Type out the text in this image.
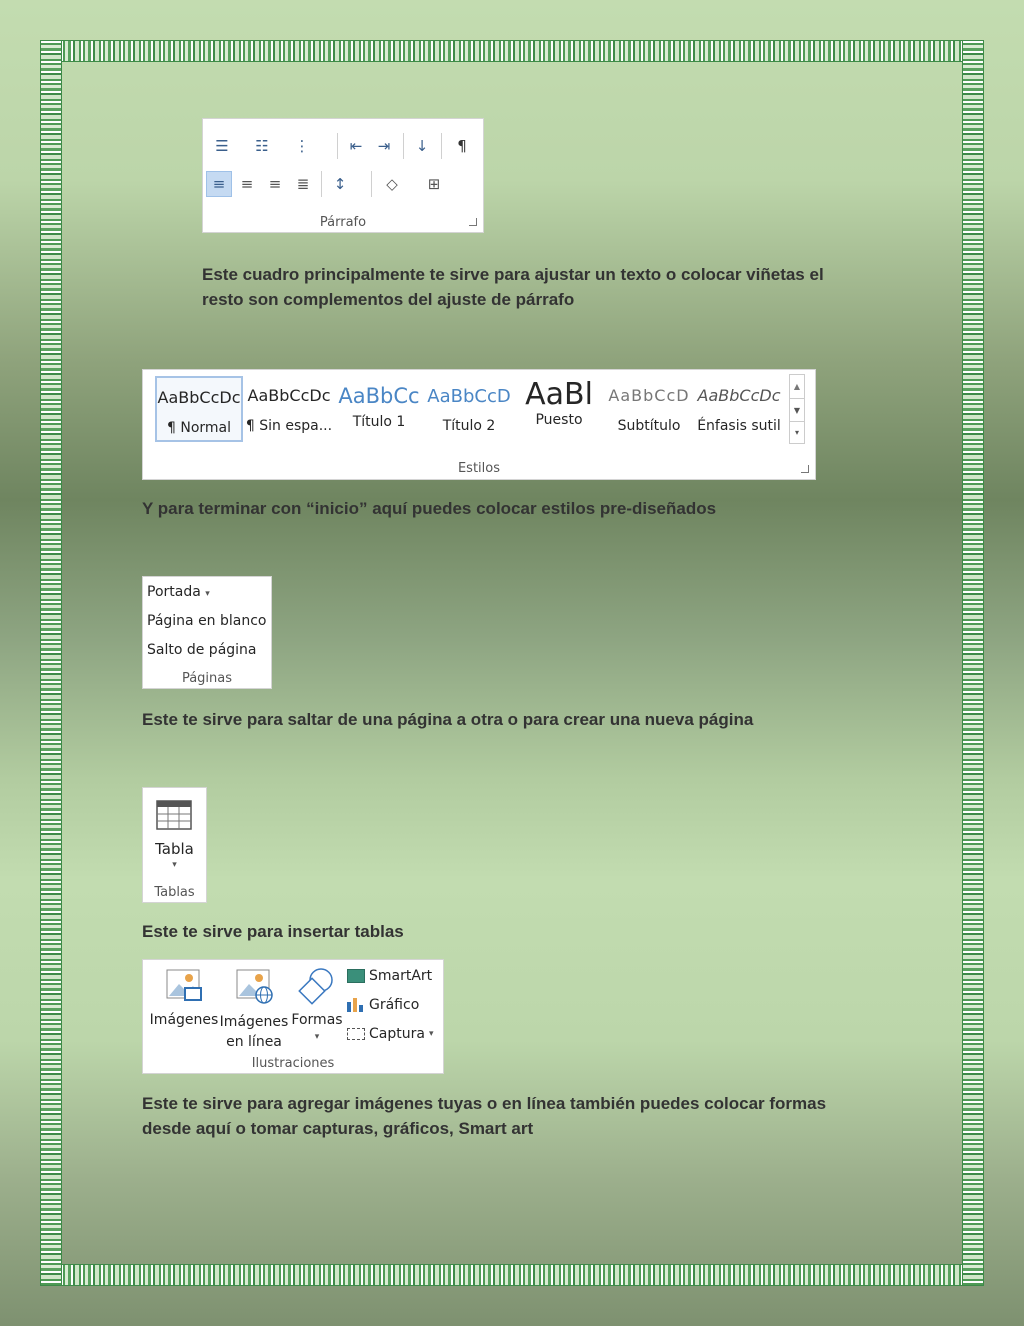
☰	☷	⋮	⇤	⇥	↓	¶
≡	≡	≡	≣	↕	◇	⊞
Párrafo
Este cuadro principalmente te sirve para ajustar un texto o colocar viñetas el
resto son complementos del ajuste de párrafo
AaBbCcDc
¶ Normal
AaBbCcDc
¶ Sin espa...
AaBbCc
Título 1
AaBbCcD
Título 2
AaBl
Puesto
AaBbCcD
Subtítulo
AaBbCcDc
Énfasis sutil
▲
▼
▾
Estilos
Y para terminar con “inicio” aquí puedes colocar estilos pre-diseñados
Portada ▾
Página en blanco
Salto de página
Páginas
Este te sirve para saltar de una página a otra o para crear una nueva página
Tabla
▾
Tablas
Este te sirve para insertar tablas
Imágenes Imágenes
en línea
Formas
▾
SmartArt
Gráfico
Captura ▾
Ilustraciones
Este te sirve para agregar imágenes tuyas o en línea también puedes colocar formas
desde aquí o tomar capturas, gráficos, Smart art
